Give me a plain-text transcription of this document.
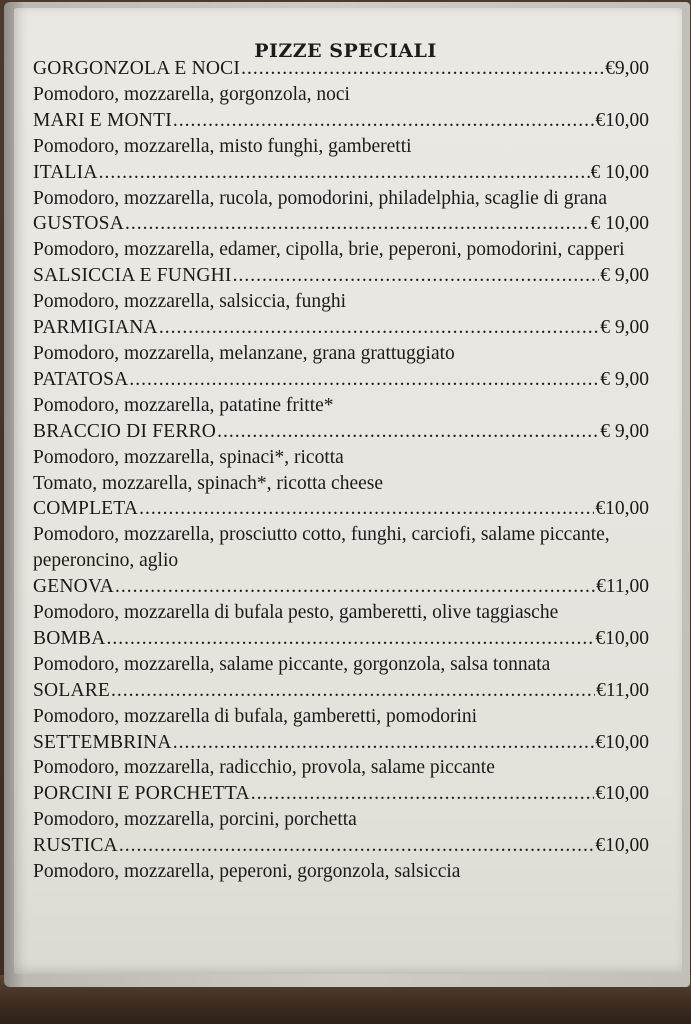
PIZZE SPECIALI
GORGONZOLA E NOCI .....	€9,00
Pomodoro, mozzarella, gorgonzola, noci
MARI E MONTI .....	€10,00
Pomodoro, mozzarella, misto funghi, gamberetti
ITALIA .....	€ 10,00
Pomodoro, mozzarella, rucola, pomodorini, philadelphia, scaglie di grana
GUSTOSA .....	€ 10,00
Pomodoro, mozzarella, edamer, cipolla, brie, peperoni, pomodorini, capperi
SALSICCIA E FUNGHI .....	€ 9,00
Pomodoro, mozzarella, salsiccia, funghi
PARMIGIANA .....	€ 9,00
Pomodoro, mozzarella, melanzane, grana grattuggiato
PATATOSA .....	€ 9,00
Pomodoro, mozzarella, patatine fritte*
BRACCIO DI FERRO .....	€ 9,00
Pomodoro, mozzarella, spinaci*, ricotta
Tomato, mozzarella, spinach*, ricotta cheese
COMPLETA .....	€10,00
Pomodoro, mozzarella, prosciutto cotto, funghi, carciofi, salame piccante, peperoncino, aglio
GENOVA .....	€11,00
Pomodoro, mozzarella di bufala pesto, gamberetti, olive taggiasche
BOMBA .....	€10,00
Pomodoro, mozzarella, salame piccante, gorgonzola, salsa tonnata
SOLARE .....	€11,00
Pomodoro, mozzarella di bufala, gamberetti, pomodorini
SETTEMBRINA .....	€10,00
Pomodoro, mozzarella, radicchio, provola, salame piccante
PORCINI E PORCHETTA .....	€10,00
Pomodoro, mozzarella, porcini, porchetta
RUSTICA .....	€10,00
Pomodoro, mozzarella, peperoni, gorgonzola, salsiccia
